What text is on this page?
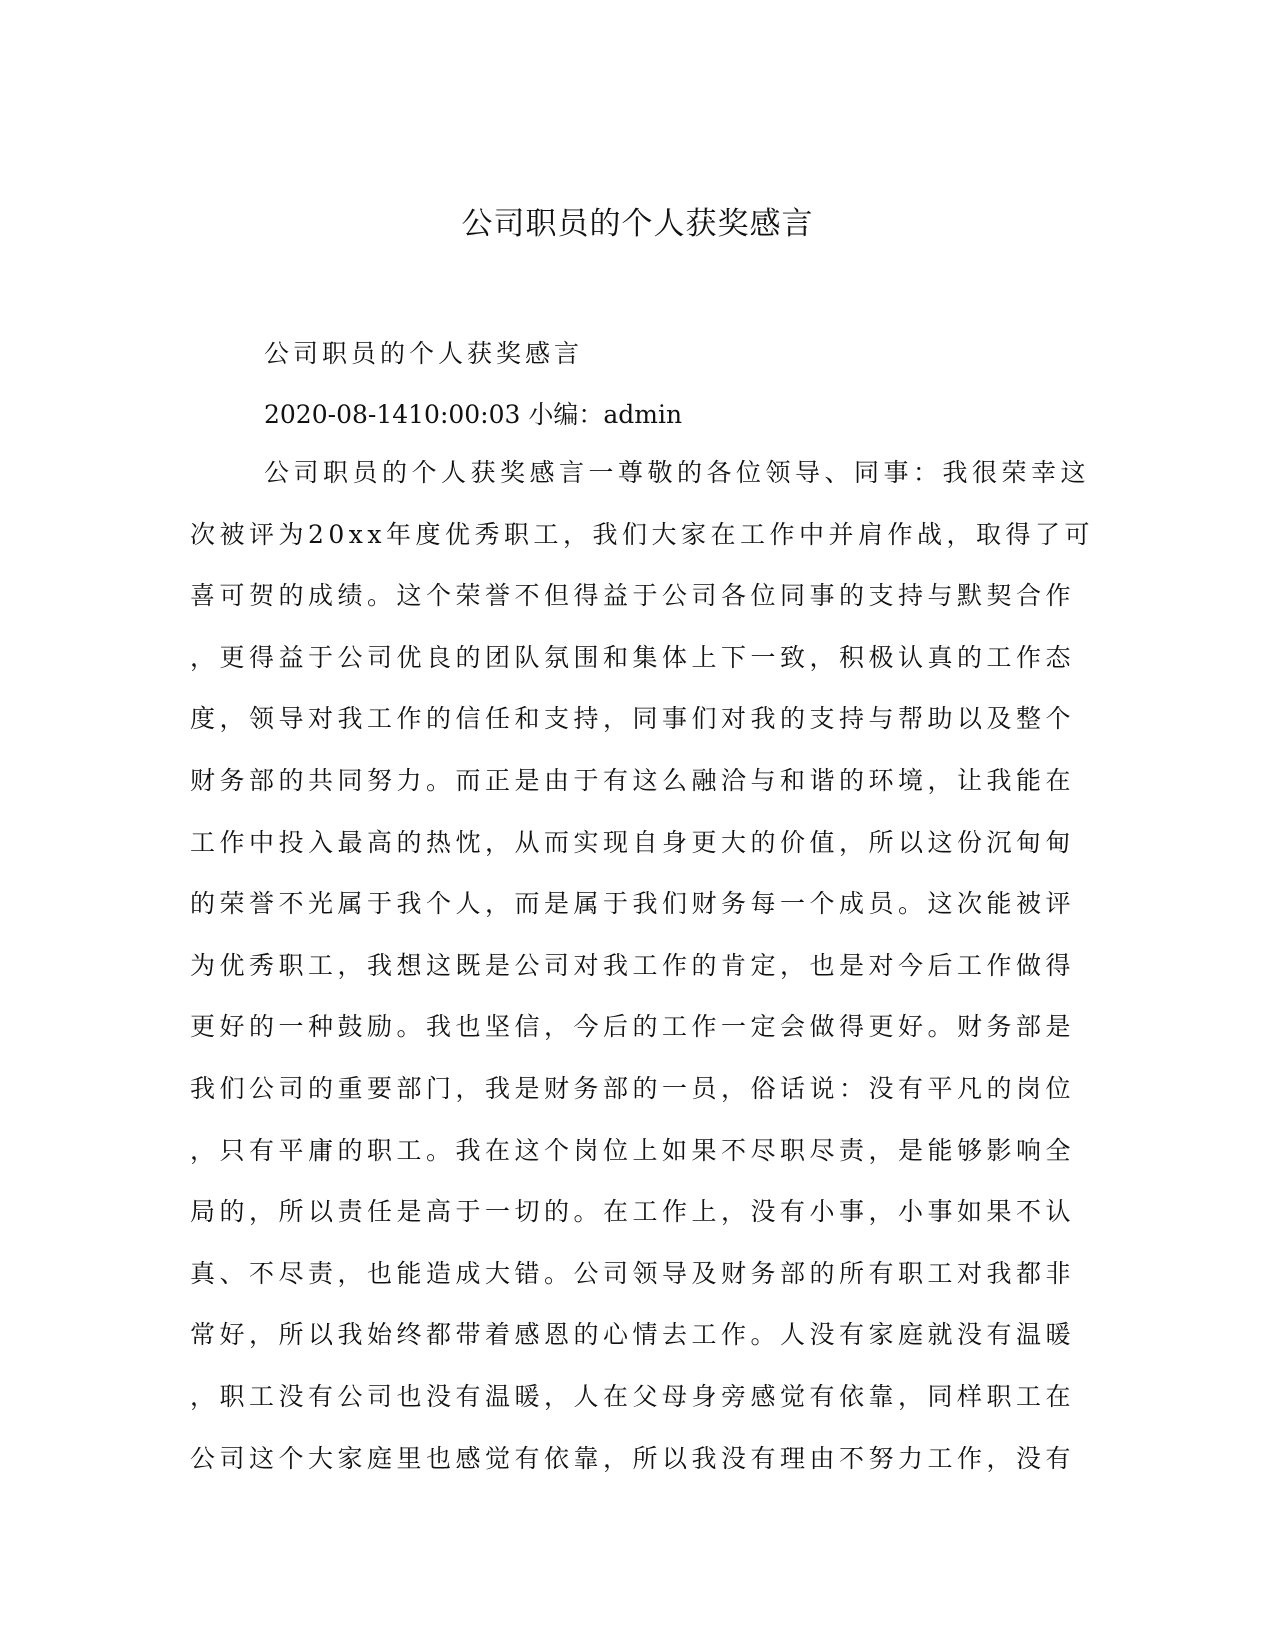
公司职员的个人获奖感言
公司职员的个人获奖感言
2020-08-1410:00:03 小编：admin
公司职员的个人获奖感言一尊敬的各位领导、同事：我很荣幸这
次被评为20xx年度优秀职工，我们大家在工作中并肩作战，取得了可
喜可贺的成绩。这个荣誉不但得益于公司各位同事的支持与默契合作
，更得益于公司优良的团队氛围和集体上下一致，积极认真的工作态
度，领导对我工作的信任和支持，同事们对我的支持与帮助以及整个
财务部的共同努力。而正是由于有这么融洽与和谐的环境，让我能在
工作中投入最高的热忱，从而实现自身更大的价值，所以这份沉甸甸
的荣誉不光属于我个人，而是属于我们财务每一个成员。这次能被评
为优秀职工，我想这既是公司对我工作的肯定，也是对今后工作做得
更好的一种鼓励。我也坚信，今后的工作一定会做得更好。财务部是
我们公司的重要部门，我是财务部的一员，俗话说：没有平凡的岗位
，只有平庸的职工。我在这个岗位上如果不尽职尽责，是能够影响全
局的，所以责任是高于一切的。在工作上，没有小事，小事如果不认
真、不尽责，也能造成大错。公司领导及财务部的所有职工对我都非
常好，所以我始终都带着感恩的心情去工作。人没有家庭就没有温暖
，职工没有公司也没有温暖，人在父母身旁感觉有依靠，同样职工在
公司这个大家庭里也感觉有依靠，所以我没有理由不努力工作，没有
